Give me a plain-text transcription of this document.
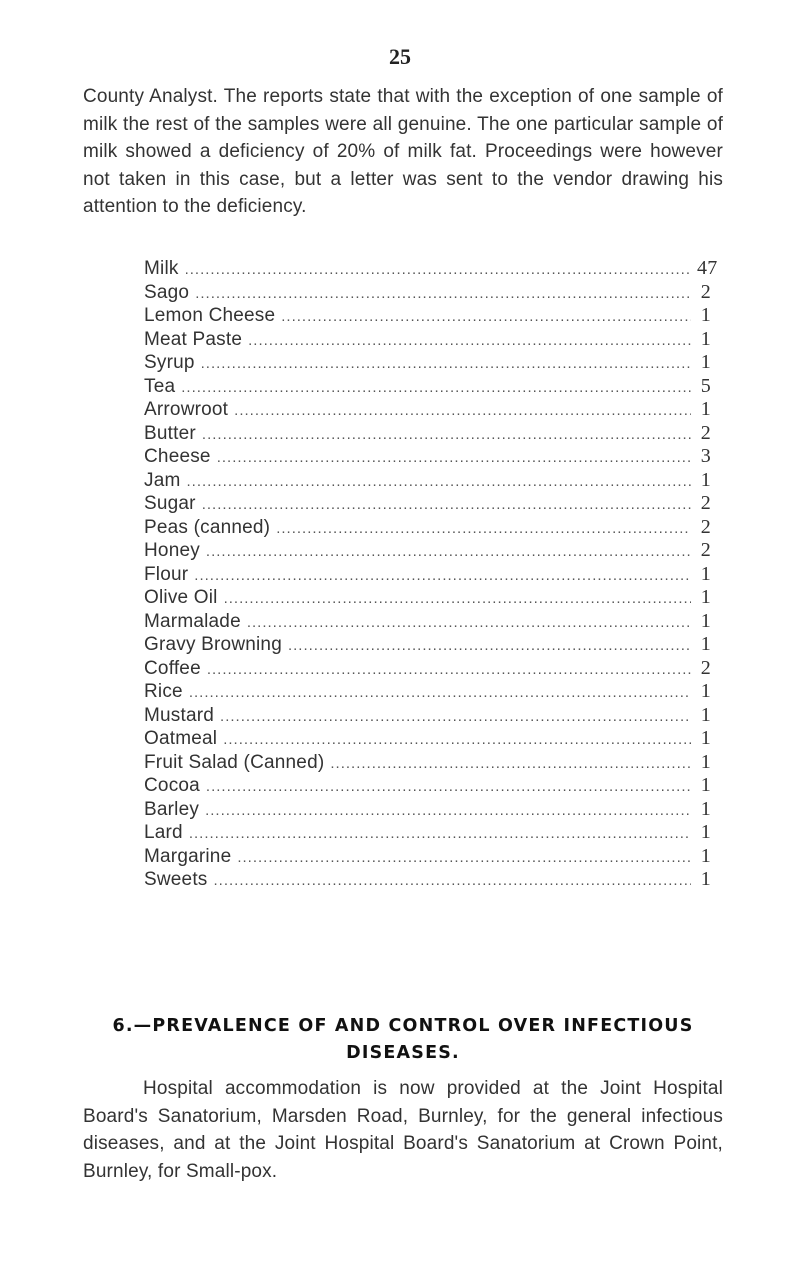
25

County Analyst. The reports state that with the exception of one sample of milk the rest of the samples were all genuine. The one particular sample of milk showed a deficiency of 20% of milk fat. Proceedings were however not taken in this case, but a letter was sent to the vendor drawing his attention to the deficiency.

Milk .....	47
Sago .....	2
Lemon Cheese .....	1
Meat Paste .....	1
Syrup .....	1
Tea .....	5
Arrowroot .....	1
Butter .....	2
Cheese .....	3
Jam .....	1
Sugar .....	2
Peas (canned) .....	2
Honey .....	2
Flour .....	1
Olive Oil .....	1
Marmalade .....	1
Gravy Browning .....	1
Coffee .....	2
Rice .....	1
Mustard .....	1
Oatmeal .....	1
Fruit Salad (Canned) .....	1
Cocoa .....	1
Barley .....	1
Lard .....	1
Margarine .....	1
Sweets .....	1
6.—PREVALENCE OF AND CONTROL OVER INFECTIOUS DISEASES.

Hospital accommodation is now provided at the Joint Hospital Board's Sanatorium, Marsden Road, Burnley, for the general infectious diseases, and at the Joint Hospital Board's Sanatorium at Crown Point, Burnley, for Small-pox.
